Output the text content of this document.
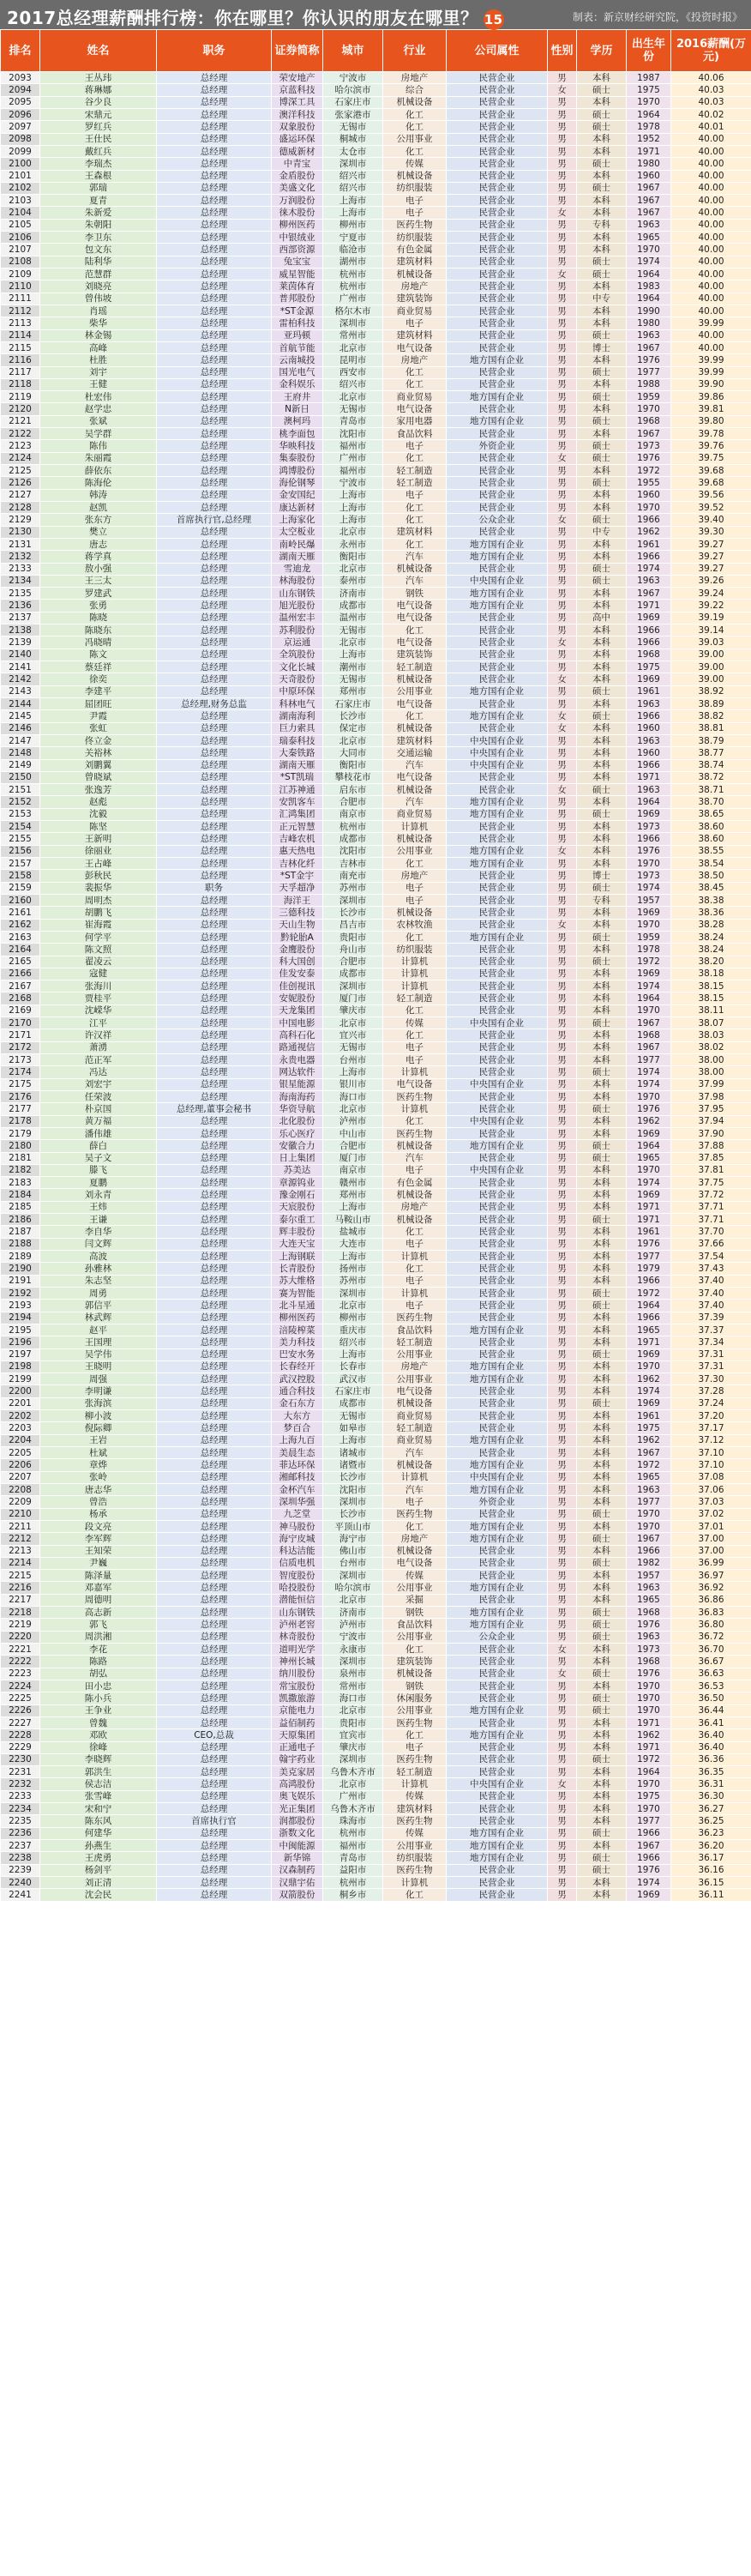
2017总经理薪酬排行榜：你在哪里？你认识的朋友在哪里？ 15	制表：新京财经研究院，《投资时报》
排名	姓名	职务	证券简称	城市	行业	公司属性	性别	学历	出生年份	2016薪酬(万元)
2093	王丛玮	总经理	荣安地产	宁波市	房地产	民营企业	男	本科	1987	40.06
2094	蒋琳娜	总经理	京蓝科技	哈尔滨市	综合	民营企业	女	硕士	1975	40.03
2095	谷少良	总经理	博深工具	石家庄市	机械设备	民营企业	男	本科	1970	40.03
2096	宋鼎元	总经理	澳洋科技	张家港市	化工	民营企业	男	硕士	1964	40.02
2097	罗红兵	总经理	双象股份	无锡市	化工	民营企业	男	硕士	1978	40.01
2098	王仕民	总经理	盛运环保	桐城市	公用事业	民营企业	男	本科	1952	40.00
2099	戴红兵	总经理	德威新材	太仓市	化工	民营企业	男	本科	1971	40.00
2100	李瑞杰	总经理	中青宝	深圳市	传媒	民营企业	男	硕士	1980	40.00
2101	王森根	总经理	金盾股份	绍兴市	机械设备	民营企业	男	本科	1960	40.00
2102	郭瑞	总经理	美盛文化	绍兴市	纺织服装	民营企业	男	硕士	1967	40.00
2103	夏青	总经理	万润股份	上海市	电子	民营企业	男	本科	1967	40.00
2104	朱新爱	总经理	徕木股份	上海市	电子	民营企业	女	本科	1967	40.00
2105	朱朝阳	总经理	柳州医药	柳州市	医药生物	民营企业	男	专科	1963	40.00
2106	李卫东	总经理	中银绒业	宁夏市	纺织服装	民营企业	男	本科	1965	40.00
2107	包文东	总经理	西部资源	临沧市	有色金属	民营企业	男	本科	1970	40.00
2108	陆利华	总经理	兔宝宝	湖州市	建筑材料	民营企业	男	硕士	1974	40.00
2109	范慧群	总经理	威星智能	杭州市	机械设备	民营企业	女	硕士	1964	40.00
2110	刘晓亮	总经理	莱茵体育	杭州市	房地产	民营企业	男	本科	1983	40.00
2111	曾伟坡	总经理	普邦股份	广州市	建筑装饰	民营企业	男	中专	1964	40.00
2112	肖瑶	总经理	*ST金源	格尔木市	商业贸易	民营企业	男	本科	1990	40.00
2113	柴华	总经理	雷柏科技	深圳市	电子	民营企业	男	本科	1980	39.99
2114	林金锡	总经理	亚玛顿	常州市	建筑材料	民营企业	男	硕士	1963	40.00
2115	高峰	总经理	首航节能	北京市	电气设备	民营企业	男	博士	1967	40.00
2116	杜胜	总经理	云南城投	昆明市	房地产	地方国有企业	男	本科	1976	39.99
2117	刘宇	总经理	国光电气	西安市	化工	民营企业	男	硕士	1977	39.99
2118	王健	总经理	金科娱乐	绍兴市	化工	民营企业	男	本科	1988	39.90
2119	杜宏伟	总经理	王府井	北京市	商业贸易	地方国有企业	男	硕士	1959	39.86
2120	赵学忠	总经理	N新日	无锡市	电气设备	民营企业	男	本科	1970	39.81
2121	张斌	总经理	澳柯玛	青岛市	家用电器	地方国有企业	男	硕士	1968	39.80
2122	吴学群	总经理	桃李面包	沈阳市	食品饮料	民营企业	男	本科	1967	39.78
2123	陈伟	总经理	华映科技	福州市	电子	外资企业	男	硕士	1973	39.76
2124	朱丽霞	总经理	集泰股份	广州市	化工	民营企业	女	硕士	1976	39.75
2125	薛依东	总经理	鸿博股份	福州市	轻工制造	民营企业	男	本科	1972	39.68
2126	陈海伦	总经理	海伦钢琴	宁波市	轻工制造	民营企业	男	硕士	1955	39.68
2127	韩涛	总经理	金安国纪	上海市	电子	民营企业	男	本科	1960	39.56
2128	赵凯	总经理	康达新材	上海市	化工	民营企业	男	本科	1970	39.52
2129	张东方	首席执行官,总经理	上海家化	上海市	化工	公众企业	女	硕士	1966	39.40
2130	樊立	总经理	太空板业	北京市	建筑材料	民营企业	男	中专	1962	39.30
2131	唐志	总经理	南岭民爆	永州市	化工	地方国有企业	男	本科	1961	39.27
2132	蒋学真	总经理	湖南天雁	衡阳市	汽车	地方国有企业	男	本科	1966	39.27
2133	敖小强	总经理	雪迪龙	北京市	机械设备	民营企业	男	硕士	1974	39.27
2134	王三太	总经理	林海股份	泰州市	汽车	中央国有企业	男	硕士	1963	39.26
2135	罗建武	总经理	山东钢铁	济南市	钢铁	地方国有企业	男	本科	1967	39.24
2136	张勇	总经理	旭光股份	成都市	电气设备	地方国有企业	男	本科	1971	39.22
2137	陈晓	总经理	温州宏丰	温州市	电气设备	民营企业	男	高中	1969	39.19
2138	陈晓东	总经理	苏利股份	无锡市	化工	民营企业	男	本科	1966	39.14
2139	冯晓晴	总经理	京运通	北京市	电气设备	民营企业	女	本科	1966	39.03
2140	陈文	总经理	全筑股份	上海市	建筑装饰	民营企业	男	本科	1968	39.00
2141	蔡廷祥	总经理	文化长城	潮州市	轻工制造	民营企业	男	本科	1975	39.00
2142	徐奕	总经理	天奇股份	无锡市	机械设备	民营企业	女	本科	1969	39.00
2143	李建平	总经理	中原环保	郑州市	公用事业	地方国有企业	男	硕士	1961	38.92
2144	屈团旺	总经理,财务总监	科林电气	石家庄市	电气设备	民营企业	男	本科	1963	38.89
2145	尹霞	总经理	湖南海利	长沙市	化工	地方国有企业	女	硕士	1966	38.82
2146	张虹	总经理	巨力索具	保定市	机械设备	民营企业	女	本科	1960	38.81
2147	佟立金	总经理	瑞泰科技	北京市	建筑材料	中央国有企业	男	本科	1963	38.79
2148	关裕林	总经理	大秦铁路	大同市	交通运输	中央国有企业	男	本科	1960	38.77
2149	刘鹏翼	总经理	湖南天雁	衡阳市	汽车	中央国有企业	男	本科	1966	38.74
2150	曾晓斌	总经理	*ST凯瑞	攀枝花市	电气设备	民营企业	男	本科	1971	38.72
2151	张逸芳	总经理	江苏神通	启东市	机械设备	民营企业	女	硕士	1963	38.71
2152	赵彪	总经理	安凯客车	合肥市	汽车	地方国有企业	男	本科	1964	38.70
2153	沈毅	总经理	汇鸿集团	南京市	商业贸易	地方国有企业	男	硕士	1969	38.65
2154	陈坚	总经理	正元智慧	杭州市	计算机	民营企业	男	本科	1973	38.60
2155	王新明	总经理	吉峰农机	成都市	机械设备	民营企业	男	本科	1966	38.60
2156	徐丽业	总经理	惠天热电	沈阳市	公用事业	地方国有企业	女	本科	1976	38.55
2157	王占峰	总经理	吉林化纤	吉林市	化工	地方国有企业	男	本科	1970	38.54
2158	彭秋民	总经理	*ST金宇	南充市	房地产	民营企业	男	博士	1973	38.50
2159	裴振华	职务	天孚超净	苏州市	电子	民营企业	男	硕士	1974	38.45
2160	周明杰	总经理	海洋王	深圳市	电子	民营企业	男	专科	1957	38.38
2161	胡鹏飞	总经理	三德科技	长沙市	机械设备	民营企业	男	本科	1969	38.36
2162	崔海霞	总经理	天山生物	昌吉市	农林牧渔	民营企业	女	本科	1970	38.28
2163	何学平	总经理	黔轮胎A	贵阳市	化工	地方国有企业	男	硕士	1959	38.24
2164	陈文照	总经理	金鹰股份	舟山市	纺织服装	民营企业	男	本科	1978	38.24
2165	翟凌云	总经理	科大国创	合肥市	计算机	民营企业	男	硕士	1972	38.20
2166	寇健	总经理	佳发安泰	成都市	计算机	民营企业	男	本科	1969	38.18
2167	张海川	总经理	佳创视讯	深圳市	计算机	民营企业	男	本科	1974	38.15
2168	贾桂平	总经理	安妮股份	厦门市	轻工制造	民营企业	男	本科	1964	38.15
2169	沈嵘华	总经理	天龙集团	肇庆市	化工	民营企业	男	本科	1970	38.11
2170	江平	总经理	中国电影	北京市	传媒	中央国有企业	男	硕士	1967	38.07
2171	许汉祥	总经理	高科石化	宜兴市	化工	民营企业	男	本科	1968	38.03
2172	萧湧	总经理	路通视信	无锡市	电子	民营企业	男	本科	1967	38.02
2173	范正军	总经理	永贵电器	台州市	电子	民营企业	男	本科	1977	38.00
2174	冯达	总经理	网达软件	上海市	计算机	民营企业	男	硕士	1974	38.00
2175	刘宏宇	总经理	银星能源	银川市	电气设备	中央国有企业	男	本科	1974	37.99
2176	任荣波	总经理	海南海药	海口市	医药生物	民营企业	男	本科	1970	37.98
2177	朴京国	总经理,董事会秘书	华资导航	北京市	计算机	民营企业	男	硕士	1976	37.95
2178	黄万福	总经理	北化股份	泸州市	化工	中央国有企业	男	本科	1962	37.94
2179	潘伟雄	总经理	乐心医疗	中山市	医药生物	民营企业	男	本科	1969	37.90
2180	薛白	总经理	安徽合力	合肥市	机械设备	地方国有企业	男	硕士	1964	37.88
2181	吴子文	总经理	日上集团	厦门市	汽车	民营企业	男	硕士	1965	37.85
2182	滕飞	总经理	苏美达	南京市	电子	中央国有企业	男	本科	1970	37.81
2183	夏鹏	总经理	章源钨业	赣州市	有色金属	民营企业	男	本科	1974	37.75
2184	刘永青	总经理	豫金刚石	郑州市	机械设备	民营企业	男	本科	1969	37.72
2185	王炜	总经理	天宸股份	上海市	房地产	民营企业	男	本科	1971	37.71
2186	王谦	总经理	泰尔重工	马鞍山市	机械设备	民营企业	男	硕士	1971	37.71
2187	李自华	总经理	辉丰股份	盐城市	化工	民营企业	男	本科	1961	37.70
2188	闫文辉	总经理	大连天宝	大连市	电子	民营企业	男	本科	1976	37.66
2189	高波	总经理	上海钢联	上海市	计算机	民营企业	男	本科	1977	37.54
2190	孙雅林	总经理	长青股份	扬州市	化工	民营企业	男	本科	1979	37.43
2191	朱志坚	总经理	苏大维格	苏州市	电子	民营企业	男	本科	1966	37.40
2192	周勇	总经理	赛为智能	深圳市	计算机	民营企业	男	硕士	1972	37.40
2193	郭信平	总经理	北斗星通	北京市	电子	民营企业	男	硕士	1964	37.40
2194	林武辉	总经理	柳州医药	柳州市	医药生物	民营企业	男	本科	1966	37.39
2195	赵平	总经理	涪陵榨菜	重庆市	食品饮料	地方国有企业	男	本科	1965	37.37
2196	王国理	总经理	美力科技	绍兴市	轻工制造	民营企业	男	本科	1971	37.34
2197	吴学伟	总经理	巴安水务	上海市	公用事业	民营企业	男	硕士	1969	37.31
2198	王晓明	总经理	长春经开	长春市	房地产	地方国有企业	男	本科	1970	37.31
2199	周强	总经理	武汉控股	武汉市	公用事业	地方国有企业	男	本科	1962	37.30
2200	李明谦	总经理	通合科技	石家庄市	电气设备	民营企业	男	本科	1974	37.28
2201	张海滨	总经理	金石东方	成都市	机械设备	民营企业	男	硕士	1969	37.24
2202	柳小波	总经理	大东方	无锡市	商业贸易	民营企业	男	本科	1961	37.20
2203	倪际卿	总经理	梦百合	如皋市	轻工制造	民营企业	男	本科	1975	37.17
2204	王岩	总经理	上海九百	上海市	商业贸易	地方国有企业	男	本科	1962	37.12
2205	杜斌	总经理	美晨生态	诸城市	汽车	民营企业	男	本科	1967	37.10
2206	章烨	总经理	菲达环保	诸暨市	机械设备	地方国有企业	男	本科	1972	37.10
2207	张岭	总经理	湘邮科技	长沙市	计算机	中央国有企业	男	本科	1965	37.08
2208	唐志华	总经理	金杯汽车	沈阳市	汽车	地方国有企业	男	本科	1963	37.06
2209	曾浩	总经理	深圳华强	深圳市	电子	外资企业	男	本科	1977	37.03
2210	杨承	总经理	九芝堂	长沙市	医药生物	民营企业	男	硕士	1970	37.02
2211	段文亮	总经理	神马股份	平顶山市	化工	地方国有企业	男	本科	1970	37.01
2212	李军辉	总经理	海宁皮城	海宁市	房地产	地方国有企业	男	硕士	1967	37.00
2213	王知荣	总经理	科达洁能	佛山市	机械设备	民营企业	男	本科	1966	37.00
2214	尹巍	总经理	信质电机	台州市	电气设备	民营企业	男	硕士	1982	36.99
2215	陈泽量	总经理	智度股份	深圳市	传媒	民营企业	男	本科	1957	36.97
2216	邓嘉军	总经理	哈投股份	哈尔滨市	公用事业	地方国有企业	男	本科	1963	36.92
2217	周德明	总经理	潜能恒信	北京市	采掘	民营企业	男	本科	1965	36.86
2218	高志新	总经理	山东钢铁	济南市	钢铁	地方国有企业	男	硕士	1968	36.83
2219	郭飞	总经理	泸州老窖	泸州市	食品饮料	地方国有企业	男	硕士	1976	36.80
2220	周洪湘	总经理	林奇股份	宁波市	公用事业	公众企业	男	硕士	1963	36.72
2221	李花	总经理	道明光学	永康市	化工	民营企业	女	本科	1973	36.70
2222	陈路	总经理	神州长城	深圳市	建筑装饰	民营企业	男	本科	1968	36.67
2223	胡弘	总经理	纳川股份	泉州市	机械设备	民营企业	女	硕士	1976	36.63
2224	田小忠	总经理	常宝股份	常州市	钢铁	民营企业	男	本科	1970	36.53
2225	陈小兵	总经理	凯撒旅游	海口市	休闲服务	民营企业	男	硕士	1970	36.50
2226	王争业	总经理	京能电力	北京市	公用事业	地方国有企业	男	硕士	1970	36.44
2227	曾魏	总经理	益佰制药	贵阳市	医药生物	民营企业	男	本科	1971	36.41
2228	邓欧	CEO,总裁	天原集团	宜宾市	化工	地方国有企业	男	本科	1962	36.40
2229	徐峰	总经理	正通电子	肇庆市	电子	民营企业	男	本科	1971	36.40
2230	李晓辉	总经理	翰宇药业	深圳市	医药生物	民营企业	男	硕士	1972	36.36
2231	郭洪生	总经理	美克家居	乌鲁木齐市	轻工制造	民营企业	男	本科	1964	36.35
2232	侯志洁	总经理	高鸿股份	北京市	计算机	中央国有企业	女	本科	1970	36.31
2233	张雪峰	总经理	奥飞娱乐	广州市	传媒	民营企业	男	本科	1975	36.30
2234	宋和宁	总经理	光正集团	乌鲁木齐市	建筑材料	民营企业	男	本科	1970	36.27
2235	陈东风	首席执行官	润都股份	珠海市	医药生物	民营企业	男	本科	1977	36.25
2236	何建华	总经理	浙数文化	杭州市	传媒	地方国有企业	男	硕士	1966	36.23
2237	孙燕生	总经理	中闽能源	福州市	公用事业	地方国有企业	男	本科	1967	36.20
2238	王虎勇	总经理	新华锦	青岛市	纺织服装	地方国有企业	男	硕士	1966	36.17
2239	杨剑平	总经理	汉森制药	益阳市	医药生物	民营企业	男	硕士	1976	36.16
2240	刘正清	总经理	汉鼎宇佑	杭州市	计算机	民营企业	男	本科	1974	36.15
2241	沈会民	总经理	双箭股份	桐乡市	化工	民营企业	男	本科	1969	36.11
